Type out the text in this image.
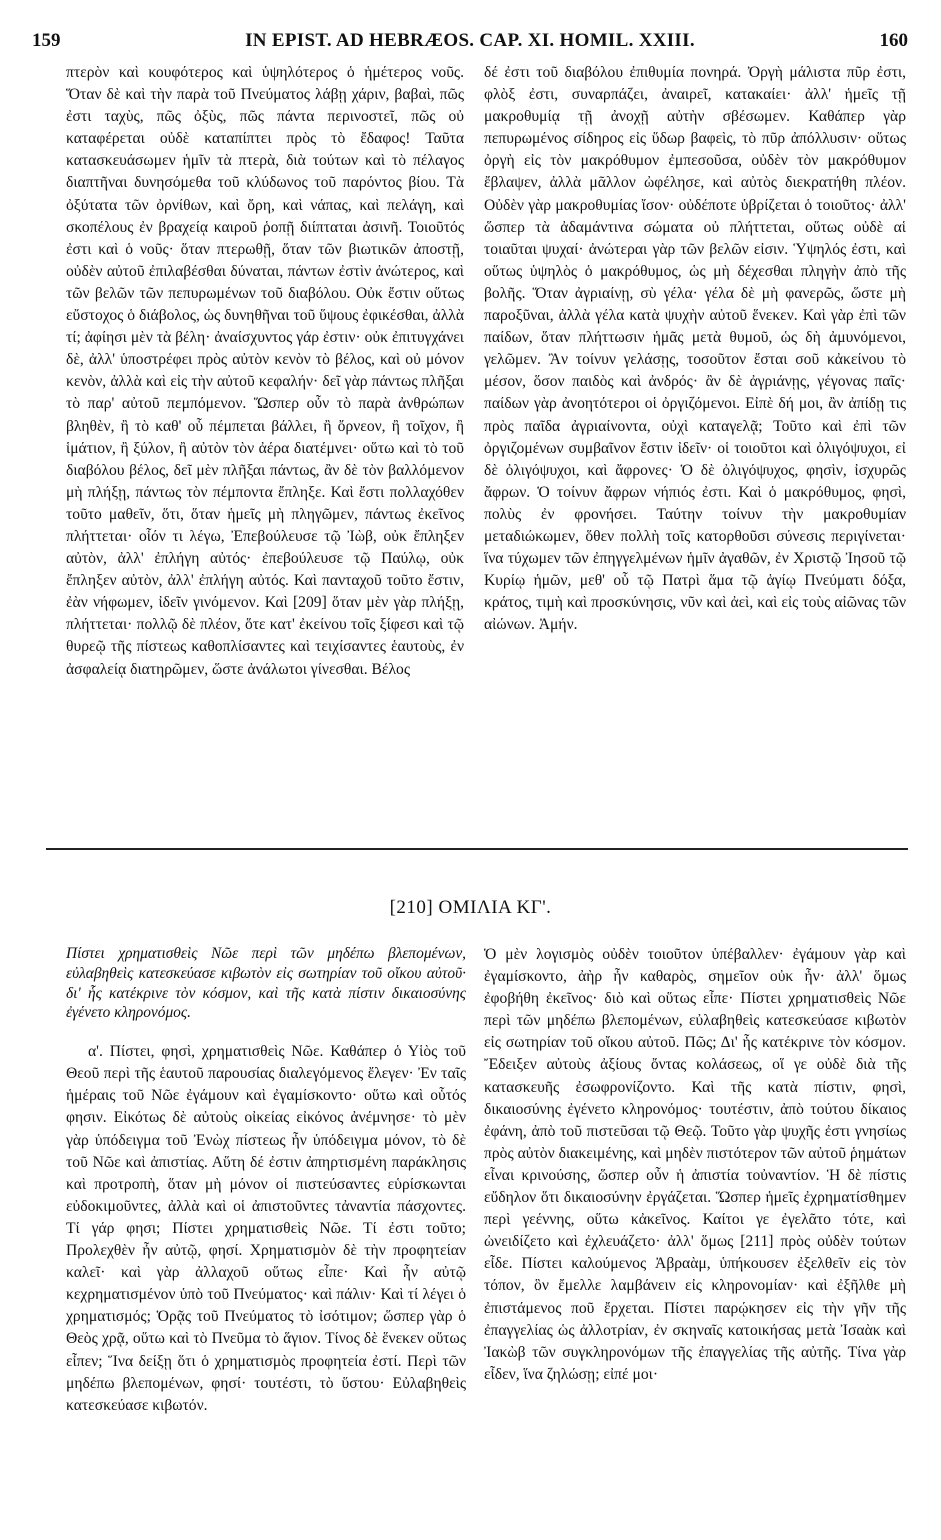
159	IN EPIST. AD HEBRÆOS. CAP. XI. HOMIL. XXIII.	160

πτερὸν καὶ κουφότερος καὶ ὑψηλότερος ὁ ἡμέτερος νοῦς. Ὅταν δὲ καὶ τὴν παρὰ τοῦ Πνεύματος λάβῃ χάριν, βαβαὶ, πῶς ἐστι ταχὺς, πῶς ὀξὺς, πῶς πάντα περινοστεῖ, πῶς οὐ καταφέρεται οὐδὲ καταπίπτει πρὸς τὸ ἔδαφος! Ταῦτα κατασκευάσωμεν ἡμῖν τὰ πτερὰ, διὰ τούτων καὶ τὸ πέλαγος διαπτῆναι δυνησόμεθα τοῦ κλύδωνος τοῦ παρόντος βίου. Τὰ ὀξύτατα τῶν ὀρνίθων, καὶ ὄρη, καὶ νάπας, καὶ πελάγη, καὶ σκοπέλους ἐν βραχείᾳ καιροῦ ῥοπῇ διίπταται ἀσινῆ. Τοιοῦτός ἐστι καὶ ὁ νοῦς· ὅταν πτερωθῇ, ὅταν τῶν βιωτικῶν ἀποστῇ, οὐδὲν αὐτοῦ ἐπιλαβέσθαι δύναται, πάντων ἐστὶν ἀνώτερος, καὶ τῶν βελῶν τῶν πεπυρωμένων τοῦ διαβόλου. Οὐκ ἔστιν οὕτως εὔστοχος ὁ διάβολος, ὡς δυνηθῆναι τοῦ ὕψους ἐφικέσθαι, ἀλλὰ τί; ἀφίησι μὲν τὰ βέλη· ἀναίσχυντος γάρ ἐστιν· οὐκ ἐπιτυγχάνει δὲ, ἀλλ' ὑποστρέφει πρὸς αὐτὸν κενὸν τὸ βέλος, καὶ οὐ μόνον κενὸν, ἀλλὰ καὶ εἰς τὴν αὐτοῦ κεφαλήν· δεῖ γὰρ πάντως πλῆξαι τὸ παρ' αὐτοῦ πεμπόμενον. Ὥσπερ οὖν τὸ παρὰ ἀνθρώπων βληθὲν, ἢ τὸ καθ' οὗ πέμπεται βάλλει, ἢ ὄρνεον, ἢ τοῖχον, ἢ ἱμάτιον, ἢ ξύλον, ἢ αὐτὸν τὸν ἀέρα διατέμνει· οὕτω καὶ τὸ τοῦ διαβόλου βέλος, δεῖ μὲν πλῆξαι πάντως, ἂν δὲ τὸν βαλλόμενον μὴ πλήξῃ, πάντως τὸν πέμποντα ἔπληξε. Καὶ ἔστι πολλαχόθεν τοῦτο μαθεῖν, ὅτι, ὅταν ἡμεῖς μὴ πληγῶμεν, πάντως ἐκεῖνος πλήττεται· οἷόν τι λέγω, Ἐπεβούλευσε τῷ Ἰὼβ, οὐκ ἔπληξεν αὐτὸν, ἀλλ' ἐπλήγη αὐτός· ἐπεβούλευσε τῷ Παύλῳ, οὐκ ἔπληξεν αὐτὸν, ἀλλ' ἐπλήγη αὐτός. Καὶ πανταχοῦ τοῦτο ἔστιν, ἐὰν νήφωμεν, ἰδεῖν γινόμενον. Καὶ [209] ὅταν μὲν γὰρ πλήξῃ, πλήττεται· πολλῷ δὲ πλέον, ὅτε κατ' ἐκείνου τοῖς ξίφεσι καὶ τῷ θυρεῷ τῆς πίστεως καθοπλίσαντες καὶ τειχίσαντες ἑαυτοὺς, ἐν ἀσφαλείᾳ διατηρῶμεν, ὥστε ἀνάλωτοι γίνεσθαι. Βέλος

δέ ἐστι τοῦ διαβόλου ἐπιθυμία πονηρά. Ὀργὴ μάλιστα πῦρ ἐστι, φλὸξ ἐστι, συναρπάζει, ἀναιρεῖ, κατακαίει· ἀλλ' ἡμεῖς τῇ μακροθυμίᾳ τῇ ἀνοχῇ αὐτὴν σβέσωμεν. Καθάπερ γὰρ πεπυρωμένος σίδηρος εἰς ὕδωρ βαφεὶς, τὸ πῦρ ἀπόλλυσιν· οὕτως ὀργὴ εἰς τὸν μακρόθυμον ἐμπεσοῦσα, οὐδὲν τὸν μακρόθυμον ἔβλαψεν, ἀλλὰ μᾶλλον ὠφέλησε, καὶ αὐτὸς διεκρατήθη πλέον. Οὐδὲν γὰρ μακροθυμίας ἴσον· οὐδέποτε ὑβρίζεται ὁ τοιοῦτος· ἀλλ' ὥσπερ τὰ ἀδαμάντινα σώματα οὐ πλήττεται, οὕτως οὐδὲ αἱ τοιαῦται ψυχαί· ἀνώτεραι γὰρ τῶν βελῶν εἰσιν. Ὑψηλός ἐστι, καὶ οὕτως ὑψηλὸς ὁ μακρόθυμος, ὡς μὴ δέχεσθαι πληγὴν ἀπὸ τῆς βολῆς. Ὅταν ἀγριαίνῃ, σὺ γέλα· γέλα δὲ μὴ φανερῶς, ὥστε μὴ παροξῦναι, ἀλλὰ γέλα κατὰ ψυχὴν αὐτοῦ ἕνεκεν. Καὶ γὰρ ἐπὶ τῶν παίδων, ὅταν πλήττωσιν ἡμᾶς μετὰ θυμοῦ, ὡς δὴ ἀμυνόμενοι, γελῶμεν. Ἂν τοίνυν γελάσῃς, τοσοῦτον ἔσται σοῦ κἀκείνου τὸ μέσον, ὅσον παιδὸς καὶ ἀνδρός· ἂν δὲ ἀγριάνῃς, γέγονας παῖς· παίδων γὰρ ἀνοητότεροι οἱ ὀργιζόμενοι. Εἰπὲ δή μοι, ἂν ἀπίδῃ τις πρὸς παῖδα ἀγριαίνοντα, οὐχὶ καταγελᾷ; Τοῦτο καὶ ἐπὶ τῶν ὀργιζομένων συμβαῖνον ἔστιν ἰδεῖν· οἱ τοιοῦτοι καὶ ὀλιγόψυχοι, εἰ δὲ ὀλιγόψυχοι, καὶ ἄφρονες· Ὁ δὲ ὀλιγόψυχος, φησὶν, ἰσχυρῶς ἄφρων. Ὁ τοίνυν ἄφρων νήπιός ἐστι. Καὶ ὁ μακρόθυμος, φησὶ, πολὺς ἐν φρονήσει. Ταύτην τοίνυν τὴν μακροθυμίαν μεταδιώκωμεν, ὅθεν πολλὴ τοῖς κατορθοῦσι σύνεσις περιγίνεται· ἵνα τύχωμεν τῶν ἐπηγγελμένων ἡμῖν ἀγαθῶν, ἐν Χριστῷ Ἰησοῦ τῷ Κυρίῳ ἡμῶν, μεθ' οὗ τῷ Πατρὶ ἅμα τῷ ἁγίῳ Πνεύματι δόξα, κράτος, τιμὴ καὶ προσκύνησις, νῦν καὶ ἀεὶ, καὶ εἰς τοὺς αἰῶνας τῶν αἰώνων. Ἀμήν.

[210] ΟΜΙΛΙΑ ΚΓ'.

Πίστει χρηματισθεὶς Νῶε περὶ τῶν μηδέπω βλεπομένων, εὐλαβηθεὶς κατεσκεύασε κιβωτὸν εἰς σωτηρίαν τοῦ οἴκου αὐτοῦ· δι' ἧς κατέκρινε τὸν κόσμον, καὶ τῆς κατὰ πίστιν δικαιοσύνης ἐγένετο κληρονόμος.

α'. Πίστει, φησὶ, χρηματισθεὶς Νῶε. Καθάπερ ὁ Υἱὸς τοῦ Θεοῦ περὶ τῆς ἑαυτοῦ παρουσίας διαλεγόμενος ἔλεγεν· Ἐν ταῖς ἡμέραις τοῦ Νῶε ἐγάμουν καὶ ἐγαμίσκοντο· οὕτω καὶ οὗτός φησιν. Εἰκότως δὲ αὐτοὺς οἰκείας εἰκόνος ἀνέμνησε· τὸ μὲν γὰρ ὑπόδειγμα τοῦ Ἐνὼχ πίστεως ἦν ὑπόδειγμα μόνον, τὸ δὲ τοῦ Νῶε καὶ ἀπιστίας. Αὕτη δέ ἐστιν ἀπηρτισμένη παράκλησις καὶ προτροπὴ, ὅταν μὴ μόνον οἱ πιστεύσαντες εὑρίσκωνται εὐδοκιμοῦντες, ἀλλὰ καὶ οἱ ἀπιστοῦντες τἀναντία πάσχοντες. Τί γάρ φησι; Πίστει χρηματισθεὶς Νῶε. Τί ἐστι τοῦτο; Προλεχθὲν ἦν αὐτῷ, φησί. Χρηματισμὸν δὲ τὴν προφητείαν καλεῖ· καὶ γὰρ ἀλλαχοῦ οὕτως εἶπε· Καὶ ἦν αὐτῷ κεχρηματισμένον ὑπὸ τοῦ Πνεύματος· καὶ πάλιν· Καὶ τί λέγει ὁ χρηματισμός; Ὁρᾷς τοῦ Πνεύματος τὸ ἰσότιμον; ὥσπερ γὰρ ὁ Θεὸς χρᾷ, οὕτω καὶ τὸ Πνεῦμα τὸ ἅγιον. Τίνος δὲ ἕνεκεν οὕτως εἶπεν; Ἵνα δείξῃ ὅτι ὁ χρηματισμὸς προφητεία ἐστί. Περὶ τῶν μηδέπω βλεπομένων, φησί· τουτέστι, τὸ ὕστου· Εὐλαβηθεὶς κατεσκεύασε κιβωτόν.

Ὁ μὲν λογισμὸς οὐδὲν τοιοῦτον ὑπέβαλλεν· ἐγάμουν γὰρ καὶ ἐγαμίσκοντο, ἀὴρ ἦν καθαρὸς, σημεῖον οὐκ ἦν· ἀλλ' ὅμως ἐφοβήθη ἐκεῖνος· διὸ καὶ οὕτως εἶπε· Πίστει χρηματισθεὶς Νῶε περὶ τῶν μηδέπω βλεπομένων, εὐλαβηθεὶς κατεσκεύασε κιβωτὸν εἰς σωτηρίαν τοῦ οἴκου αὐτοῦ. Πῶς; Δι' ἧς κατέκρινε τὸν κόσμον. Ἔδειξεν αὐτοὺς ἀξίους ὄντας κολάσεως, οἵ γε οὐδὲ διὰ τῆς κατασκευῆς ἐσωφρονίζοντο. Καὶ τῆς κατὰ πίστιν, φησὶ, δικαιοσύνης ἐγένετο κληρονόμος· τουτέστιν, ἀπὸ τούτου δίκαιος ἐφάνη, ἀπὸ τοῦ πιστεῦσαι τῷ Θεῷ. Τοῦτο γὰρ ψυχῆς ἐστι γνησίως πρὸς αὐτὸν διακειμένης, καὶ μηδὲν πιστότερον τῶν αὐτοῦ ῥημάτων εἶναι κρινούσης, ὥσπερ οὖν ἡ ἀπιστία τοὐναντίον. Ἡ δὲ πίστις εὔδηλον ὅτι δικαιοσύνην ἐργάζεται. Ὥσπερ ἡμεῖς ἐχρηματίσθημεν περὶ γεέννης, οὕτω κἀκεῖνος. Καίτοι γε ἐγελᾶτο τότε, καὶ ὠνειδίζετο καὶ ἐχλευάζετο· ἀλλ' ὅμως [211] πρὸς οὐδὲν τούτων εἶδε. Πίστει καλούμενος Ἀβραὰμ, ὑπήκουσεν ἐξελθεῖν εἰς τὸν τόπον, ὃν ἔμελλε λαμβάνειν εἰς κληρονομίαν· καὶ ἐξῆλθε μὴ ἐπιστάμενος ποῦ ἔρχεται. Πίστει παρῴκησεν εἰς τὴν γῆν τῆς ἐπαγγελίας ὡς ἀλλοτρίαν, ἐν σκηναῖς κατοικήσας μετὰ Ἰσαὰκ καὶ Ἰακὼβ τῶν συγκληρονόμων τῆς ἐπαγγελίας τῆς αὐτῆς. Τίνα γὰρ εἶδεν, ἵνα ζηλώσῃ; εἰπέ μοι·
